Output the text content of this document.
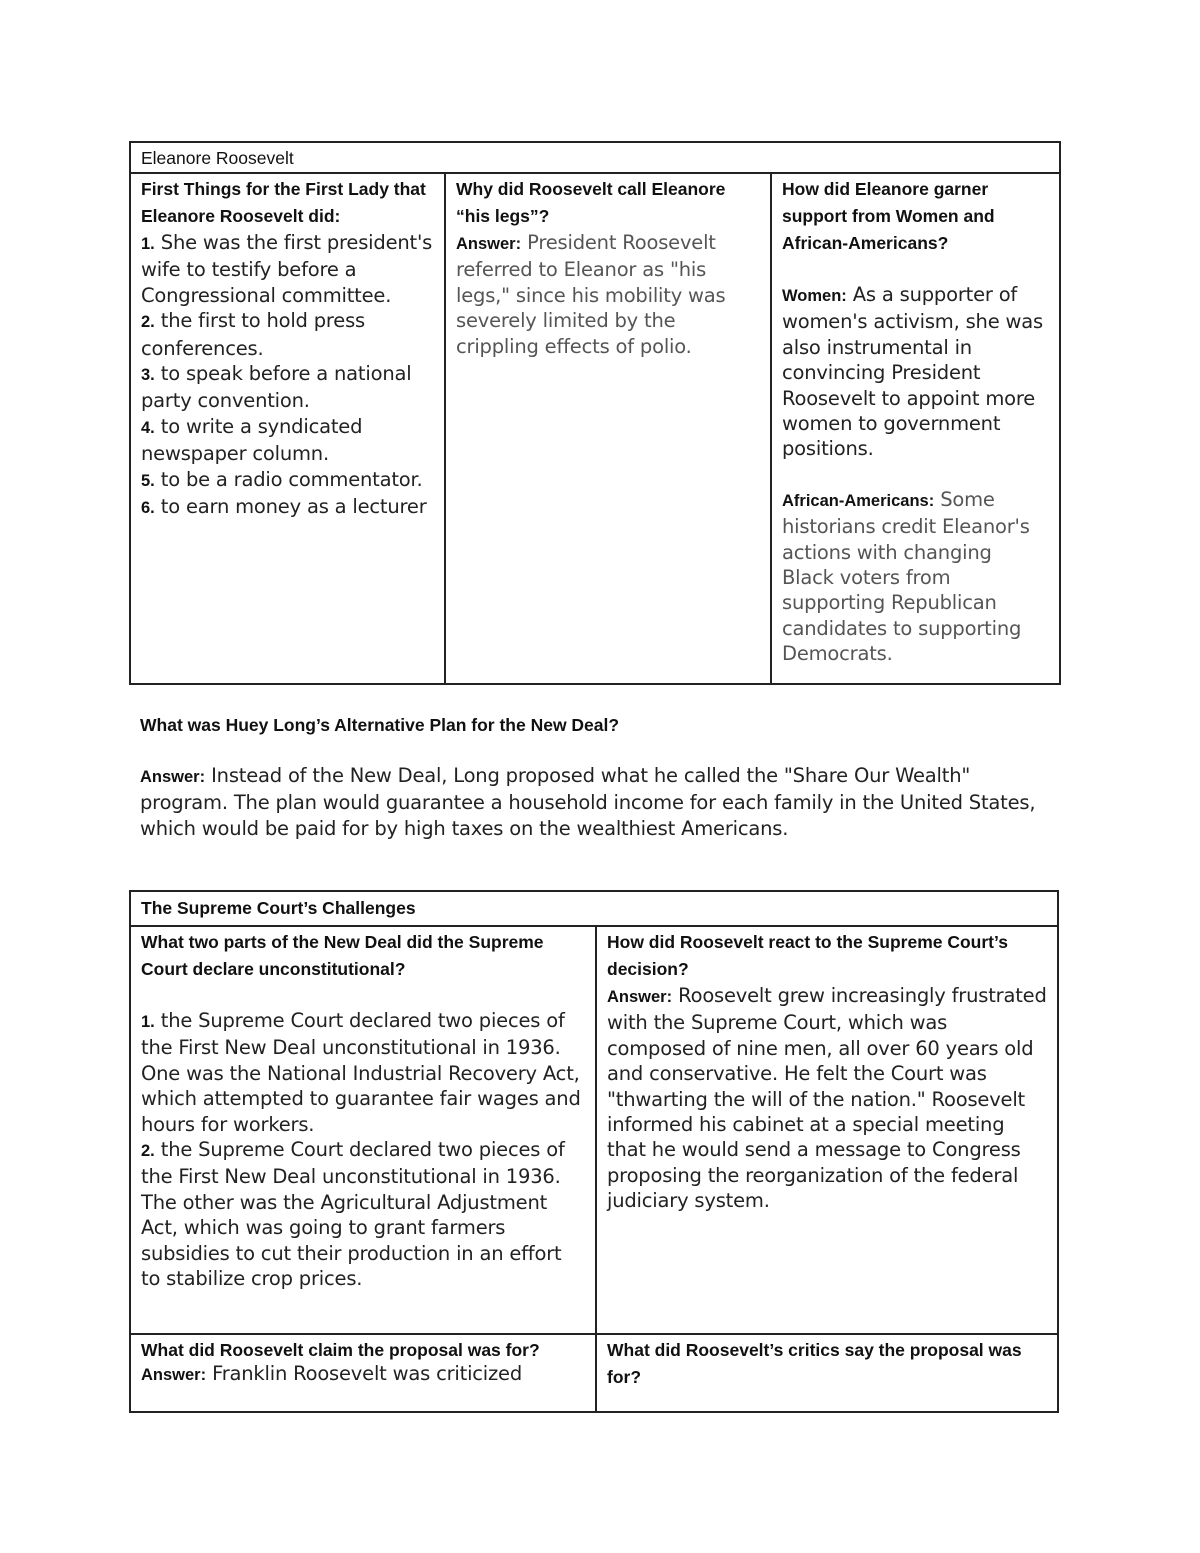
Eleanore Roosevelt

First Things for the First Lady that Eleanore Roosevelt did:

1. She was the first president's wife to testify before a Congressional committee.

2. the first to hold press conferences.

3. to speak before a national party convention.

4. to write a syndicated newspaper column.

5. to be a radio commentator.

6. to earn money as a lecturer

Why did Roosevelt call Eleanore “his legs”?

Answer: President Roosevelt referred to Eleanor as "his legs," since his mobility was severely limited by the crippling effects of polio.

How did Eleanore garner support from Women and African-Americans?

Women: As a supporter of women's activism, she was also instrumental in convincing President Roosevelt to appoint more women to government positions.

African-Americans: Some historians credit Eleanor's actions with changing Black voters from supporting Republican candidates to supporting Democrats.

What was Huey Long’s Alternative Plan for the New Deal?

Answer: Instead of the New Deal, Long proposed what he called the "Share Our Wealth" program. The plan would guarantee a household income for each family in the United States, which would be paid for by high taxes on the wealthiest Americans.

The Supreme Court’s Challenges

What two parts of the New Deal did the Supreme Court declare unconstitutional?

1. the Supreme Court declared two pieces of the First New Deal unconstitutional in 1936. One was the National Industrial Recovery Act, which attempted to guarantee fair wages and hours for workers.

2. the Supreme Court declared two pieces of the First New Deal unconstitutional in 1936. The other was the Agricultural Adjustment Act, which was going to grant farmers subsidies to cut their production in an effort to stabilize crop prices.

How did Roosevelt react to the Supreme Court’s decision?

Answer: Roosevelt grew increasingly frustrated with the Supreme Court, which was composed of nine men, all over 60 years old and conservative. He felt the Court was "thwarting the will of the nation." Roosevelt informed his cabinet at a special meeting that he would send a message to Congress proposing the reorganization of the federal judiciary system.

What did Roosevelt claim the proposal was for?

Answer: Franklin Roosevelt was criticized

What did Roosevelt’s critics say the proposal was for?
